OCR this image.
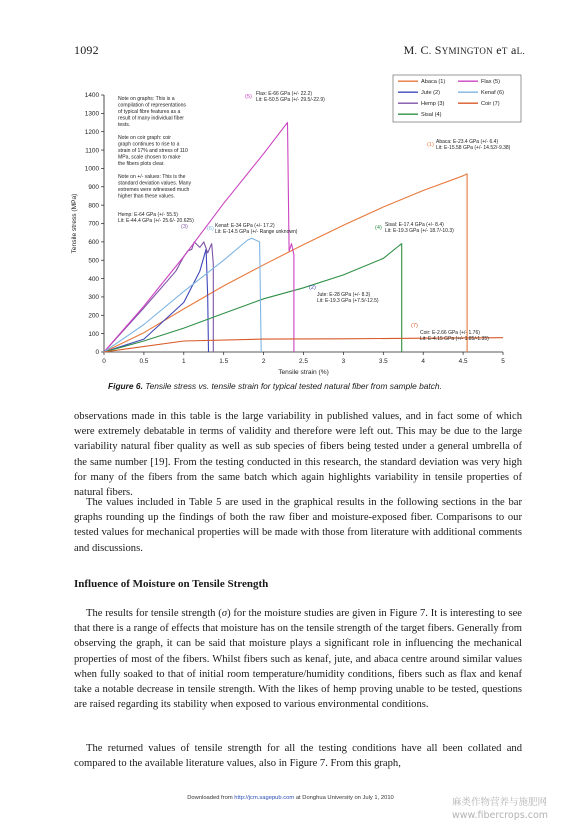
1092	M. C. SYMINGTON eT aL.
0
100
200
300
400
500
600
700
800
900
1000
1100
1200
1300
1400
0	0.5	1	1.5	2	2.5	3	3.5	4	4.5	5
Tensile strain (%)
Tensile stress (MPa)
Note on graphs: This is a
compilation of representations
of typical fibre features as a
result of many individual fiber
tests.
Note on coir graph: coir
graph continues to rise to a
strain of 17% and stress of 110
MPa, scale chosen to make
the fibers plots clear.
Note on +/- values: This is the
standard deviation values. Many
extremes were witnessed much
higher than these values.
(5) Flax: E-66 GPa (+/- 22.2)
Lit: E-50.5 GPa (+/- 29.5/-22.9)
(1) Abaca: E-23.4 GPa (+/- 6.4)
Lit: E-15.58 GPa (+/- 14.52/-9.38)
(3)
Hemp: E-64 GPa (+/- 55.5)
Lit: E-44.4 GPa (+/- 25.6/- 20.625)
(6) Kenaf: E-34 GPa (+/- 17.2)
Lit: E-14.5 GPa (+/- Range unknown)
(4) Sisal: E-17.4 GPa (+/- 8.4)
Lit: E-19.3 GPa (+/- 18.7/-10.3)
(2)
Jute: E-28 GPa (+/- 8.3)
Lit: E-19.3 GPa (+7.5/-12.5)
(7)
Coir: E-2.66 GPa (+/- 1.76)
Lit: E-4.15 GPa (+/- 1.85/-1.35)
Abaca (1)	Flax (5)
Jute (2)	Kenaf (6)
Hemp (3)	Coir (7)
Sisal (4)
Figure 6. Tensile stress vs. tensile strain for typical tested natural fiber from sample batch.

observations made in this table is the large variability in published values, and in fact some of which were extremely debatable in terms of validity and therefore were left out. This may be due to the large variability natural fiber quality as well as sub species of fibers being tested under a general umbrella of the same number [19]. From the testing conducted in this research, the standard deviation was very high for many of the fibers from the same batch which again highlights variability in tensile properties of natural fibers.

The values included in Table 5 are used in the graphical results in the following sections in the bar graphs rounding up the findings of both the raw fiber and moisture-exposed fiber. Comparisons to our tested values for mechanical properties will be made with those from literature with additional comments and discussions.

Influence of Moisture on Tensile Strength

The results for tensile strength (σ) for the moisture studies are given in Figure 7. It is interesting to see that there is a range of effects that moisture has on the tensile strength of the target fibers. Generally from observing the graph, it can be said that moisture plays a significant role in influencing the mechanical properties of most of the fibers. Whilst fibers such as kenaf, jute, and abaca centre around similar values when fully soaked to that of initial room temperature/humidity conditions, fibers such as flax and kenaf take a notable decrease in tensile strength. With the likes of hemp proving unable to be tested, questions are raised regarding its stability when exposed to various environmental conditions.

The returned values of tensile strength for all the testing conditions have all been collated and compared to the available literature values, also in Figure 7. From this graph,

Downloaded from http://jcm.sagepub.com at Donghua University on July 1, 2010	麻类作物营养与施肥网
www.fibercrops.com
